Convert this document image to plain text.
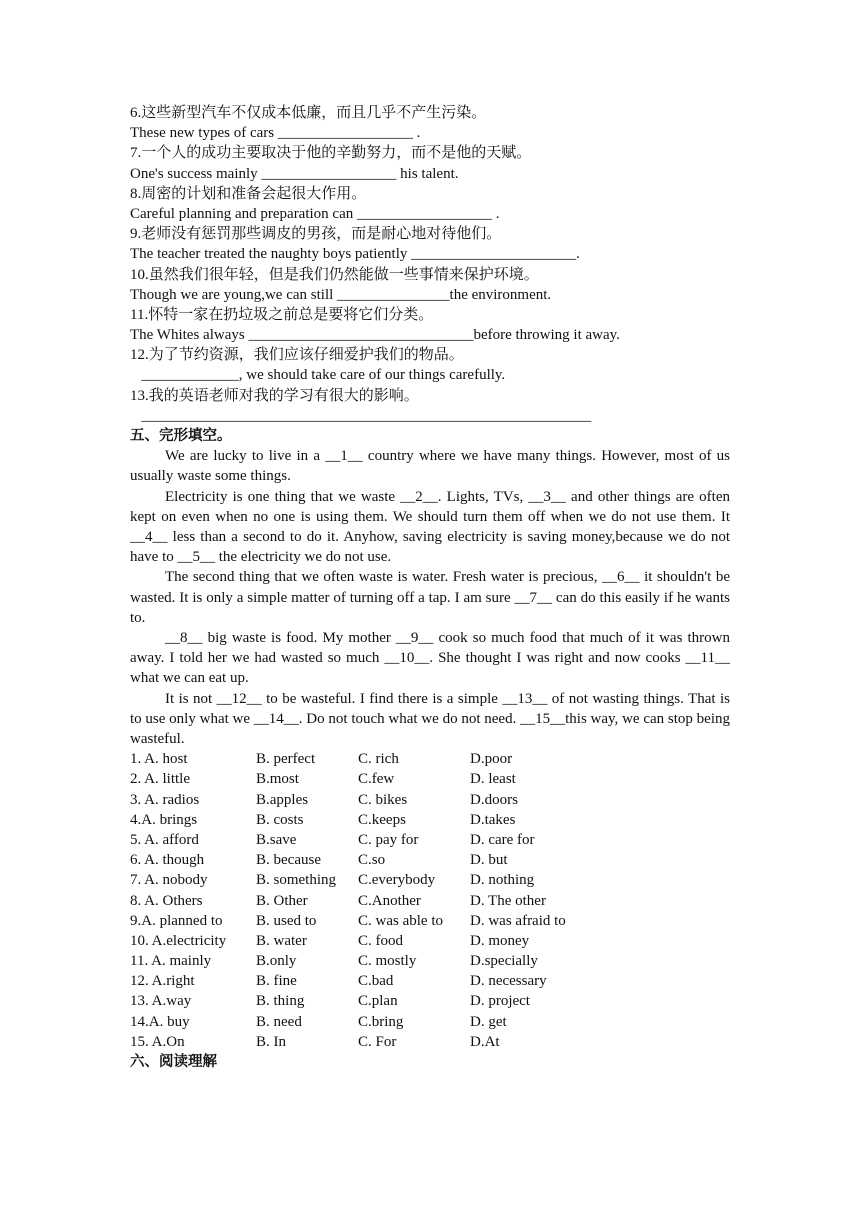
6.这些新型汽车不仅成本低廉，而且几乎不产生污染。
These new types of cars __________________ .
7.一个人的成功主要取决于他的辛勤努力，而不是他的天赋。
One's success mainly __________________ his talent.
8.周密的计划和准备会起很大作用。
Careful planning and preparation can __________________ .
9.老师没有惩罚那些调皮的男孩，而是耐心地对待他们。
The teacher treated the naughty boys patiently ______________________.
10.虽然我们很年轻，但是我们仍然能做一些事情来保护环境。
Though we are young,we can still _______________the environment.
11.怀特一家在扔垃圾之前总是要将它们分类。
The Whites always ______________________________before throwing it away.
12.为了节约资源，我们应该仔细爱护我们的物品。
_____________, we should take care of our things carefully.
13.我的英语老师对我的学习有很大的影响。
____________________________________________________________
五、完形填空。

We are lucky to live in a __1__ country where we have many things. However, most of us usually waste some things.

Electricity is one thing that we waste __2__. Lights, TVs, __3__ and other things are often kept on even when no one is using them. We should turn them off when we do not use them. It __4__ less than a second to do it. Anyhow, saving electricity is saving money,because we do not have to __5__ the electricity we do not use.

The second thing that we often waste is water. Fresh water is precious, __6__ it shouldn't be wasted. It is only a simple matter of turning off a tap. I am sure __7__ can do this easily if he wants to.

__8__ big waste is food. My mother __9__ cook so much food that much of it was thrown away. I told her we had wasted so much __10__. She thought I was right and now cooks __11__ what we can eat up.

It is not __12__ to be wasteful. I find there is a simple __13__ of not wasting things. That is to use only what we __14__. Do not touch what we do not need. __15__this way, we can stop being wasteful.

1. A. host	B. perfect	C. rich	D.poor
2. A. little	B.most	C.few	D. least
3. A. radios	B.apples	C. bikes	D.doors
4.A. brings	B. costs	C.keeps	D.takes
5. A. afford	B.save	C. pay for	D. care for
6. A. though	B. because C.so	D. but
7. A. nobody	B. something C.everybody D. nothing
8. A. Others	B. Other	C.Another	D. The other
9.A. planned to B. used to	C. was able to D. was afraid to
10. A.electricity B. water	C. food	D. money
11. A. mainly	B.only	C. mostly	D.specially
12. A.right	B. fine	C.bad	D. necessary
13. A.way	B. thing	C.plan	D. project
14.A. buy	B. need	C.bring	D. get
15. A.On	B. In	C. For	D.At
六、阅读理解
